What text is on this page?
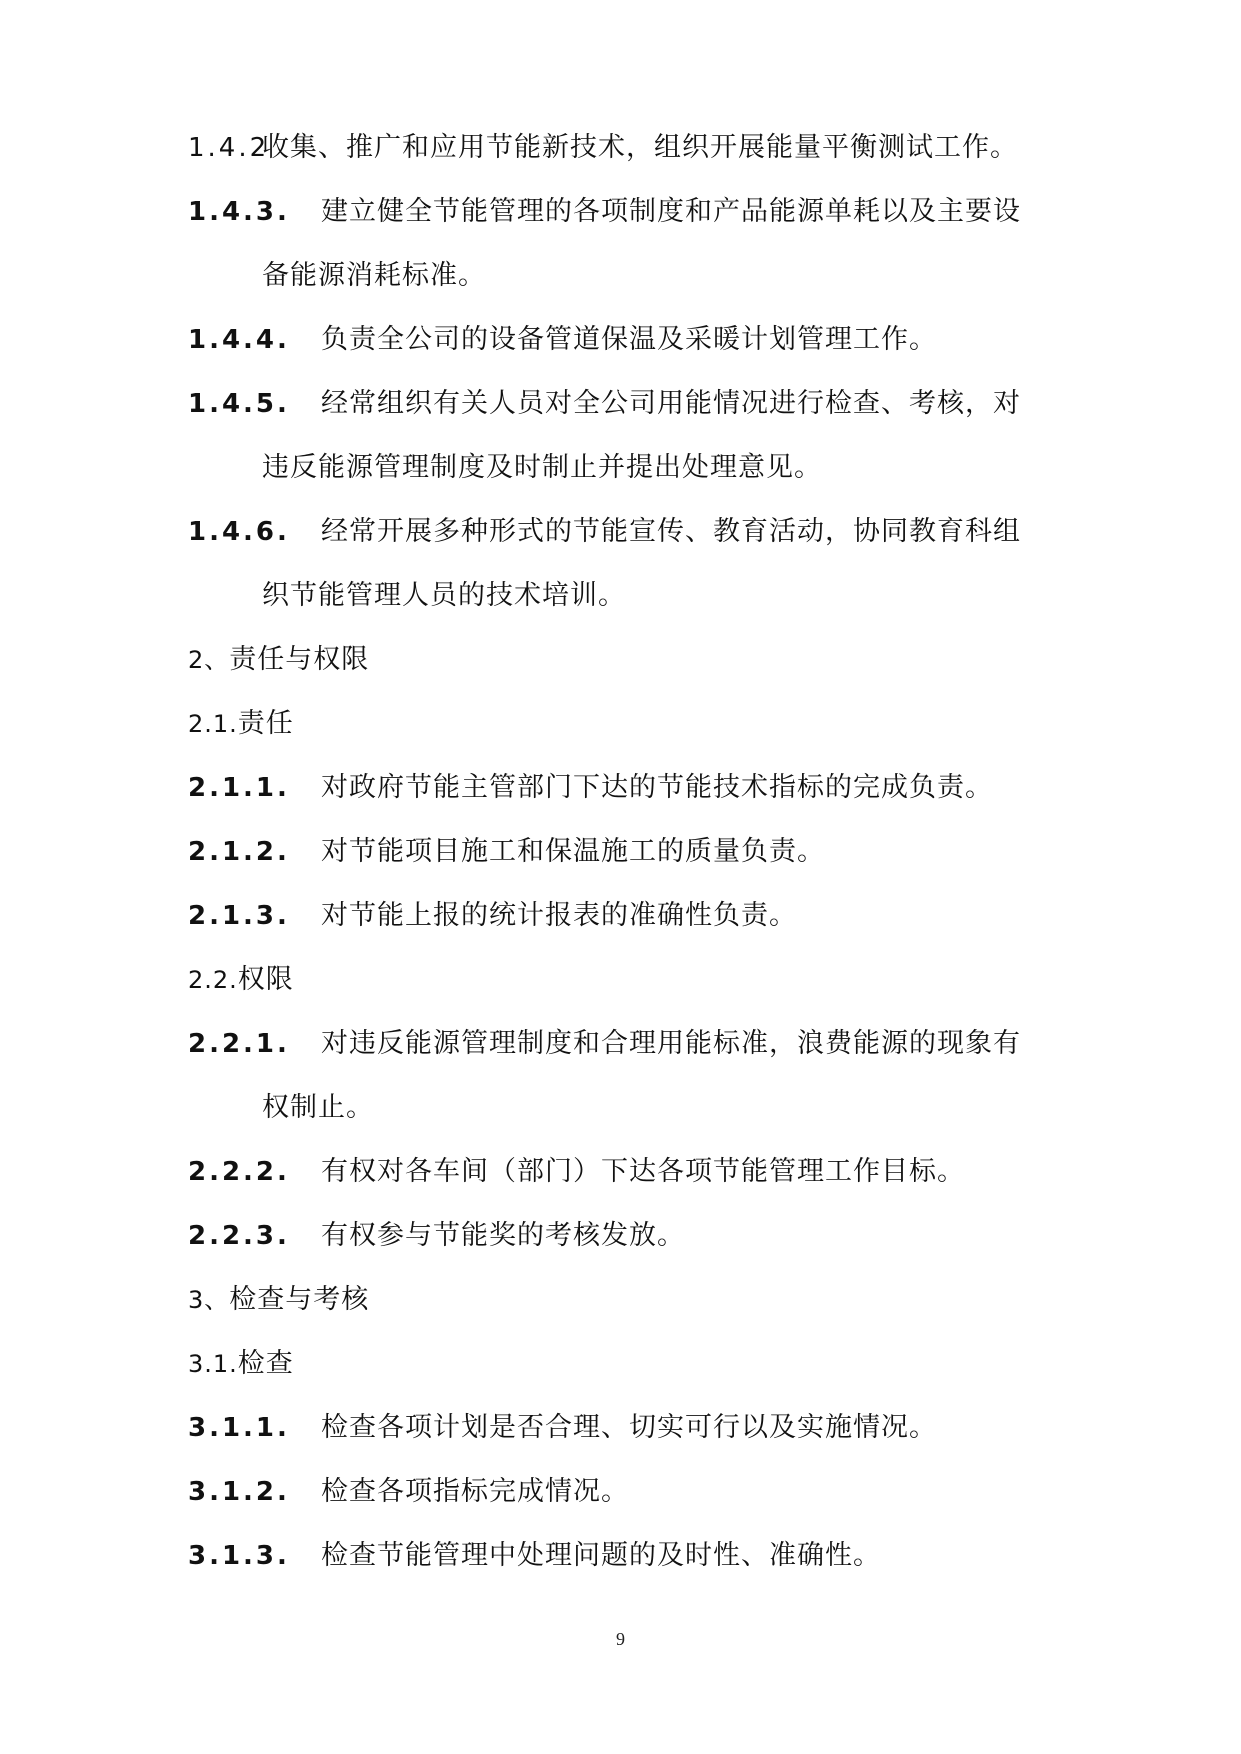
1.4.2
收集、推广和应用节能新技术，组织开展能量平衡测试工作。
1.4.3. 建立健全节能管理的各项制度和产品能源单耗以及主要设
备能源消耗标准。
1.4.4. 负责全公司的设备管道保温及采暖计划管理工作。
1.4.5. 经常组织有关人员对全公司用能情况进行检查、考核，对
违反能源管理制度及时制止并提出处理意见。
1.4.6. 经常开展多种形式的节能宣传、教育活动，协同教育科组
织节能管理人员的技术培训。
2、责任与权限
2.1.责任
2.1.1. 对政府节能主管部门下达的节能技术指标的完成负责。
2.1.2. 对节能项目施工和保温施工的质量负责。
2.1.3. 对节能上报的统计报表的准确性负责。
2.2.权限
2.2.1. 对违反能源管理制度和合理用能标准，浪费能源的现象有
权制止。
2.2.2. 有权对各车间（部门）下达各项节能管理工作目标。
2.2.3. 有权参与节能奖的考核发放。
3、检查与考核
3.1.检查
3.1.1. 检查各项计划是否合理、切实可行以及实施情况。
3.1.2. 检查各项指标完成情况。
3.1.3. 检查节能管理中处理问题的及时性、准确性。
9
